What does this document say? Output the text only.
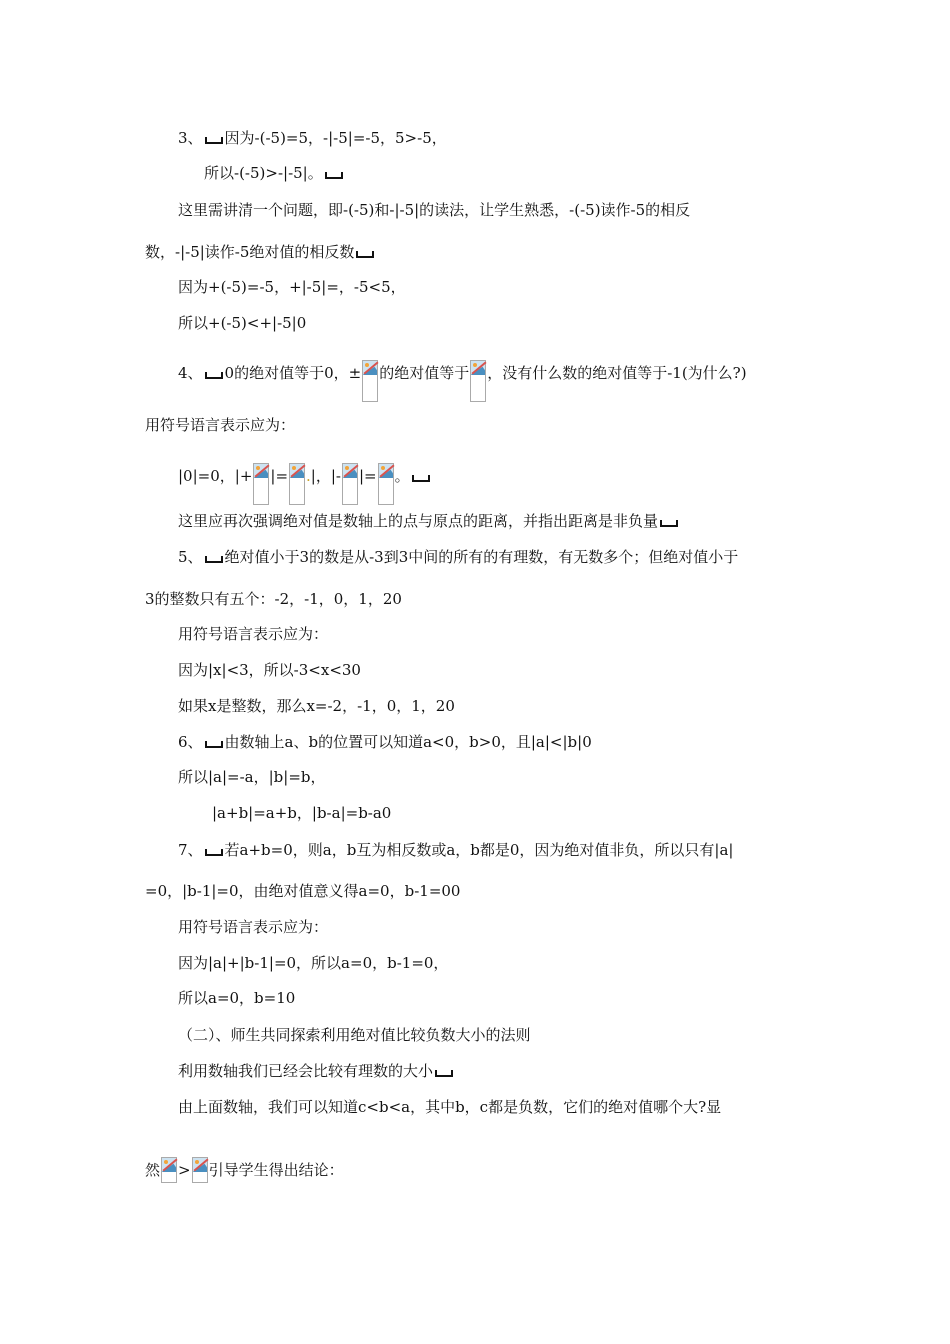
3、 因为-(-5)=5，-|-5|=-5，5>-5，
所以-(-5)>-|-5|。
这里需讲清一个问题，即-(-5)和-|-5|的读法，让学生熟悉，-(-5)读作-5的相反
数，-|-5|读作-5绝对值的相反数
因为+(-5)=-5，+|-5|=，-5<5，
所以+(-5)<+|-5|0
4、 0的绝对值等于0，± 的绝对值等于 ，没有什么数的绝对值等于-1(为什么?)
用符号语言表示应为：
|0|=0，|+ |= .|，|- |= 。
这里应再次强调绝对值是数轴上的点与原点的距离，并指出距离是非负量
5、 绝对值小于3的数是从-3到3中间的所有的有理数，有无数多个；但绝对值小于
3的整数只有五个：-2，-1，0，1，20
用符号语言表示应为：
因为|x|<3，所以-3<x<30
如果x是整数，那么x=-2，-1，0，1，20
6、 由数轴上a、b的位置可以知道a<0，b>0，且|a|<|b|0
所以|a|=-a，|b|=b，
|a+b|=a+b，|b-a|=b-a0
7、 若a+b=0，则a，b互为相反数或a，b都是0，因为绝对值非负，所以只有|a|
=0，|b-1|=0，由绝对值意义得a=0，b-1=00
用符号语言表示应为：
因为|a|+|b-1|=0，所以a=0，b-1=0，
所以a=0，b=10
（二）、师生共同探索利用绝对值比较负数大小的法则
利用数轴我们已经会比较有理数的大小
由上面数轴，我们可以知道c<b<a，其中b，c都是负数，它们的绝对值哪个大?显
然 > 引导学生得出结论：
